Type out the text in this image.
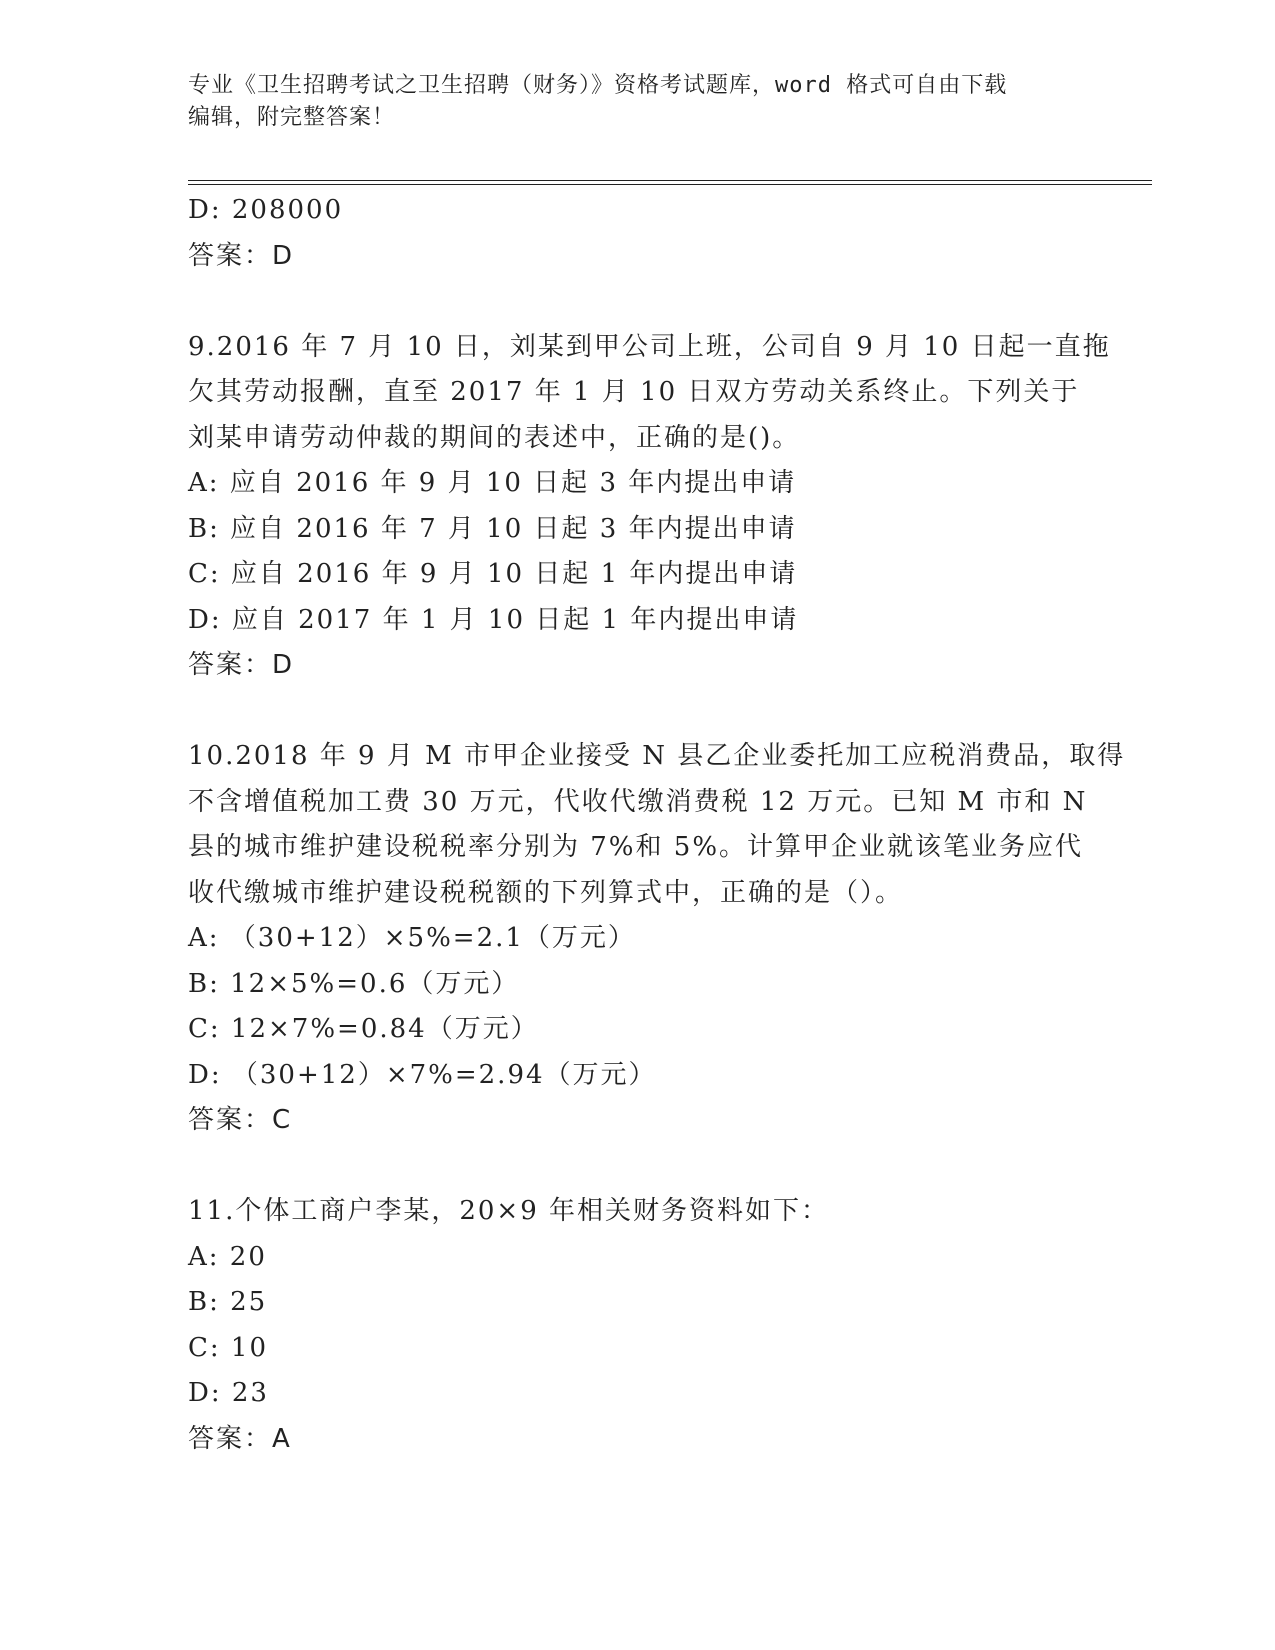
专业《卫生招聘考试之卫生招聘（财务）》资格考试题库，word 格式可自由下载
编辑，附完整答案！

D: 208000

答案：D

9.2016 年 7 月 10 日，刘某到甲公司上班，公司自 9 月 10 日起一直拖

欠其劳动报酬，直至 2017 年 1 月 10 日双方劳动关系终止。下列关于

刘某申请劳动仲裁的期间的表述中，正确的是()。

A: 应自 2016 年 9 月 10 日起 3 年内提出申请

B: 应自 2016 年 7 月 10 日起 3 年内提出申请

C: 应自 2016 年 9 月 10 日起 1 年内提出申请

D: 应自 2017 年 1 月 10 日起 1 年内提出申请

答案：D

10.2018 年 9 月 M 市甲企业接受 N 县乙企业委托加工应税消费品，取得

不含增值税加工费 30 万元，代收代缴消费税 12 万元。已知 M 市和 N

县的城市维护建设税税率分别为 7%和 5%。计算甲企业就该笔业务应代

收代缴城市维护建设税税额的下列算式中，正确的是（）。

A: （30+12）×5%=2.1（万元）

B: 12×5%=0.6（万元）

C: 12×7%=0.84（万元）

D: （30+12）×7%=2.94（万元）

答案：C

11.个体工商户李某，20×9 年相关财务资料如下：

A: 20

B: 25

C: 10

D: 23

答案：A
